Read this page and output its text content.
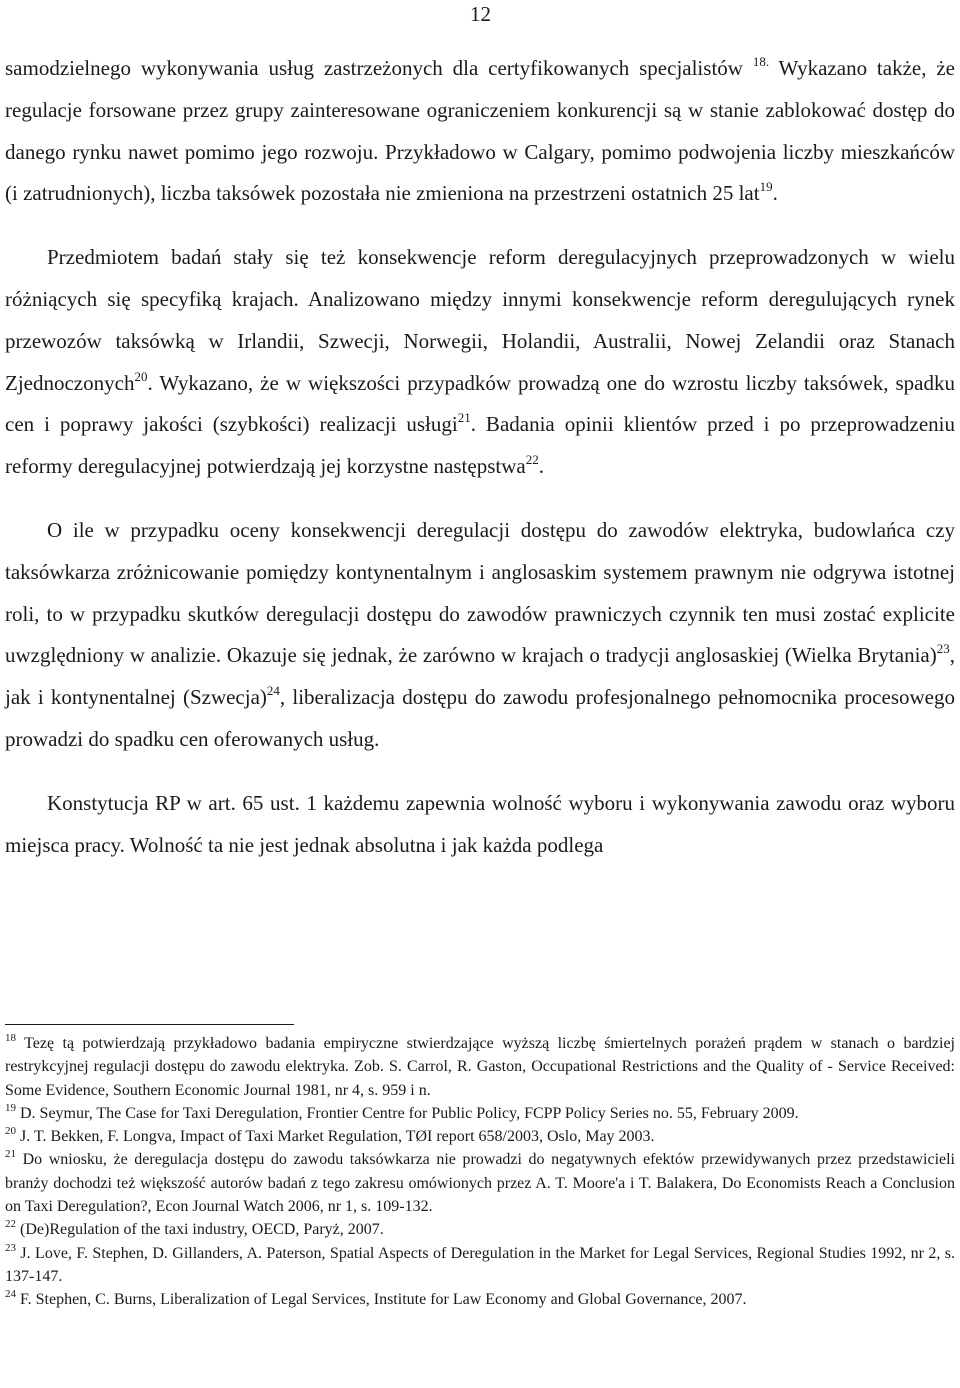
12

samodzielnego wykonywania usług zastrzeżonych dla certyfikowanych specjalistów $^{18.}$ Wykazano także, że regulacje forsowane przez grupy zainteresowane ograniczeniem konkurencji są w stanie zablokować dostęp do danego rynku nawet pomimo jego rozwoju. Przykładowo w Calgary, pomimo podwojenia liczby mieszkańców (i zatrudnionych), liczba taksówek pozostała nie zmieniona na przestrzeni ostatnich 25 lat$^{19}$.

Przedmiotem badań stały się też konsekwencje reform deregulacyjnych przeprowadzonych w wielu różniących się specyfiką krajach. Analizowano między innymi konsekwencje reform deregulujących rynek przewozów taksówką w Irlandii, Szwecji, Norwegii, Holandii, Australii, Nowej Zelandii oraz Stanach Zjednoczonych$^{20}$. Wykazano, że w większości przypadków prowadzą one do wzrostu liczby taksówek, spadku cen i poprawy jakości (szybkości) realizacji usługi$^{21}$. Badania opinii klientów przed i po przeprowadzeniu reformy deregulacyjnej potwierdzają jej korzystne następstwa$^{22}$.

O ile w przypadku oceny konsekwencji deregulacji dostępu do zawodów elektryka, budowlańca czy taksówkarza zróżnicowanie pomiędzy kontynentalnym i anglosaskim systemem prawnym nie odgrywa istotnej roli, to w przypadku skutków deregulacji dostępu do zawodów prawniczych czynnik ten musi zostać explicite uwzględniony w analizie. Okazuje się jednak, że zarówno w krajach o tradycji anglosaskiej (Wielka Brytania)$^{23}$, jak i kontynentalnej (Szwecja)$^{24}$, liberalizacja dostępu do zawodu profesjonalnego pełnomocnika procesowego prowadzi do spadku cen oferowanych usług.

Konstytucja RP w art. 65 ust. 1 każdemu zapewnia wolność wyboru i wykonywania zawodu oraz wyboru miejsca pracy. Wolność ta nie jest jednak absolutna i jak każda podlega

$^{18}$ Tezę tą potwierdzają przykładowo badania empiryczne stwierdzające wyższą liczbę śmiertelnych porażeń prądem w stanach o bardziej restrykcyjnej regulacji dostępu do zawodu elektryka. Zob. S. Carrol, R. Gaston, Occupational Restrictions and the Quality of - Service Received: Some Evidence, Southern Economic Journal 1981, nr 4, s. 959 i n.

$^{19}$ D. Seymur, The Case for Taxi Deregulation, Frontier Centre for Public Policy, FCPP Policy Series no. 55, February 2009.

$^{20}$ J. T. Bekken, F. Longva, Impact of Taxi Market Regulation, TØI report 658/2003, Oslo, May 2003.

$^{21}$ Do wniosku, że deregulacja dostępu do zawodu taksówkarza nie prowadzi do negatywnych efektów przewidywanych przez przedstawicieli branży dochodzi też większość autorów badań z tego zakresu omówionych przez A. T. Moore'a i T. Balakera, Do Economists Reach a Conclusion on Taxi Deregulation?, Econ Journal Watch 2006, nr 1, s. 109-132.

$^{22}$ (De)Regulation of the taxi industry, OECD, Paryż, 2007.

$^{23}$ J. Love, F. Stephen, D. Gillanders, A. Paterson, Spatial Aspects of Deregulation in the Market for Legal Services, Regional Studies 1992, nr 2, s. 137-147.

$^{24}$ F. Stephen, C. Burns, Liberalization of Legal Services, Institute for Law Economy and Global Governance, 2007.
